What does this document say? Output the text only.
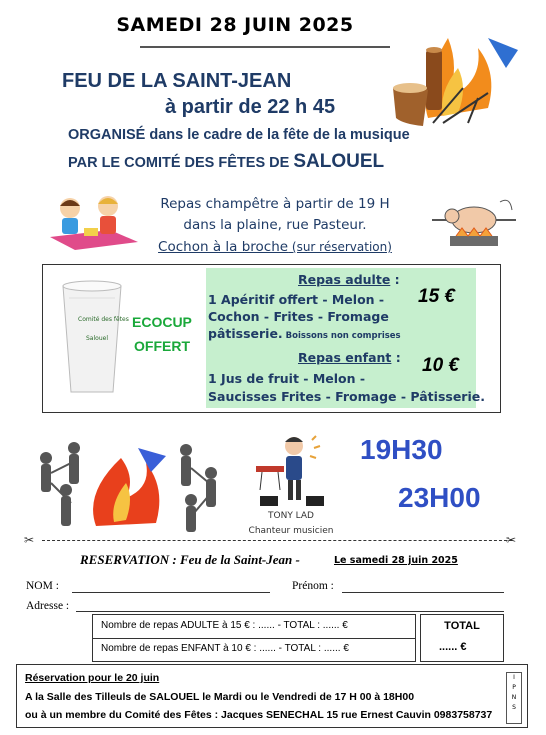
SAMEDI 28 JUIN 2025
FEU DE LA SAINT-JEAN
à partir de 22 h 45
ORGANISÉ dans le cadre de la fête de la musique
PAR LE COMITÉ DES FÊTES DE SALOUEL
Repas champêtre à partir de 19 H
dans la plaine, rue Pasteur.
Cochon à la broche (sur réservation)
Comité des fêtes
Salouel
ECOCUP
OFFERT
Repas adulte :
1 Apéritif offert - Melon -
Cochon - Frites - Fromage
pâtisserie. Boissons non comprises
15 €
Repas enfant :
1 Jus de fruit - Melon -
Saucisses Frites - Fromage - Pâtisserie.
10 €
TONY LAD
Chanteur musicien
19H30
23H00
✂	✂
RESERVATION : Feu de la Saint-Jean -	Le samedi 28 juin 2025
NOM :	Prénom :
Adresse :
Nombre de repas ADULTE à 15 € : ...... - TOTAL : ...... €
Nombre de repas ENFANT à 10 € : ...... - TOTAL : ...... €
TOTAL
...... €
Réservation pour le 20 juin
A la Salle des Tilleuls de SALOUEL le Mardi ou le Vendredi de 17 H 00 à 18H00
ou à un membre du Comité des Fêtes : Jacques SENECHAL 15 rue Ernest Cauvin 0983758737
I
P
N
S
